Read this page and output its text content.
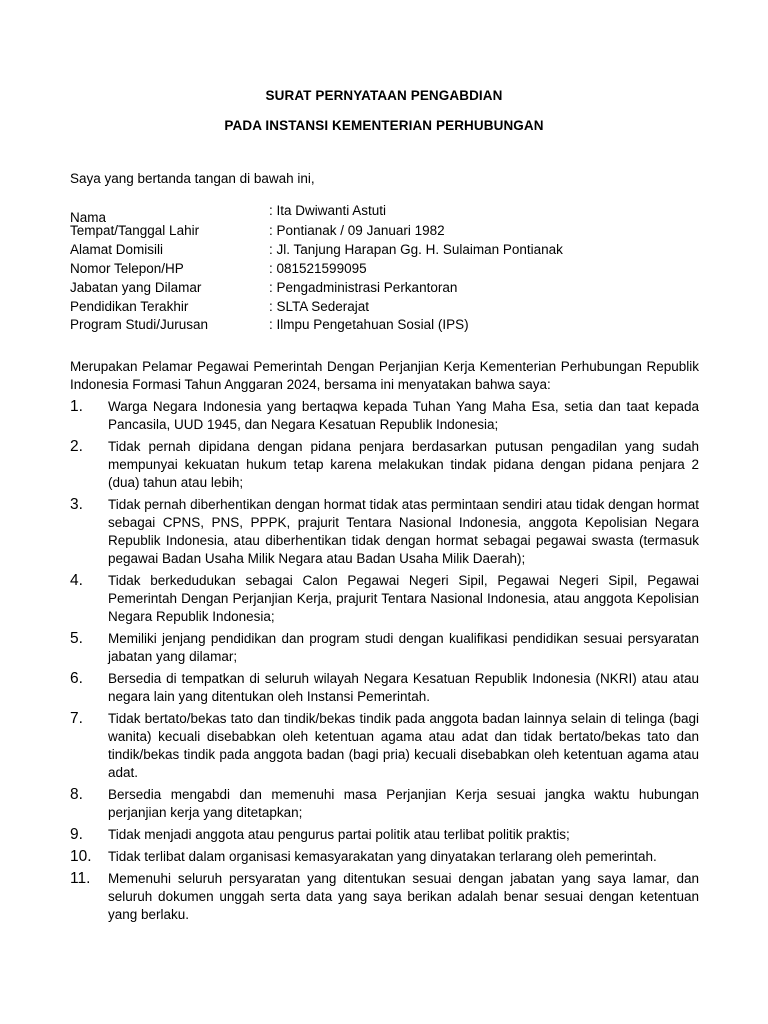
SURAT PERNYATAAN PENGABDIAN
PADA INSTANSI KEMENTERIAN PERHUBUNGAN
Saya yang bertanda tangan di bawah ini,
Nama	: Ita Dwiwanti Astuti
Tempat/Tanggal Lahir	: Pontianak / 09 Januari 1982
Alamat Domisili	: Jl. Tanjung Harapan Gg. H. Sulaiman Pontianak
Nomor Telepon/HP	: 081521599095
Jabatan yang Dilamar	: Pengadministrasi Perkantoran
Pendidikan Terakhir	: SLTA Sederajat
Program Studi/Jurusan	: Ilmpu Pengetahuan Sosial (IPS)

Merupakan Pelamar Pegawai Pemerintah Dengan Perjanjian Kerja Kementerian Perhubungan Republik Indonesia Formasi Tahun Anggaran 2024, bersama ini menyatakan bahwa saya:

1. Warga Negara Indonesia yang bertaqwa kepada Tuhan Yang Maha Esa, setia dan taat kepada Pancasila, UUD 1945, dan Negara Kesatuan Republik Indonesia;
2. Tidak pernah dipidana dengan pidana penjara berdasarkan putusan pengadilan yang sudah mempunyai kekuatan hukum tetap karena melakukan tindak pidana dengan pidana penjara 2 (dua) tahun atau lebih;
3. Tidak pernah diberhentikan dengan hormat tidak atas permintaan sendiri atau tidak dengan hormat sebagai CPNS, PNS, PPPK, prajurit Tentara Nasional Indonesia, anggota Kepolisian Negara Republik Indonesia, atau diberhentikan tidak dengan hormat sebagai pegawai swasta (termasuk pegawai Badan Usaha Milik Negara atau Badan Usaha Milik Daerah);
4. Tidak berkedudukan sebagai Calon Pegawai Negeri Sipil, Pegawai Negeri Sipil, Pegawai Pemerintah Dengan Perjanjian Kerja, prajurit Tentara Nasional Indonesia, atau anggota Kepolisian Negara Republik Indonesia;
5. Memiliki jenjang pendidikan dan program studi dengan kualifikasi pendidikan sesuai persyaratan jabatan yang dilamar;
6. Bersedia di tempatkan di seluruh wilayah Negara Kesatuan Republik Indonesia (NKRI) atau atau negara lain yang ditentukan oleh Instansi Pemerintah.
7. Tidak bertato/bekas tato dan tindik/bekas tindik pada anggota badan lainnya selain di telinga (bagi wanita) kecuali disebabkan oleh ketentuan agama atau adat dan tidak bertato/bekas tato dan tindik/bekas tindik pada anggota badan (bagi pria) kecuali disebabkan oleh ketentuan agama atau adat.
8. Bersedia mengabdi dan memenuhi masa Perjanjian Kerja sesuai jangka waktu hubungan perjanjian kerja yang ditetapkan;
9. Tidak menjadi anggota atau pengurus partai politik atau terlibat politik praktis;
10. Tidak terlibat dalam organisasi kemasyarakatan yang dinyatakan terlarang oleh pemerintah.
11. Memenuhi seluruh persyaratan yang ditentukan sesuai dengan jabatan yang saya lamar, dan seluruh dokumen unggah serta data yang saya berikan adalah benar sesuai dengan ketentuan yang berlaku.
